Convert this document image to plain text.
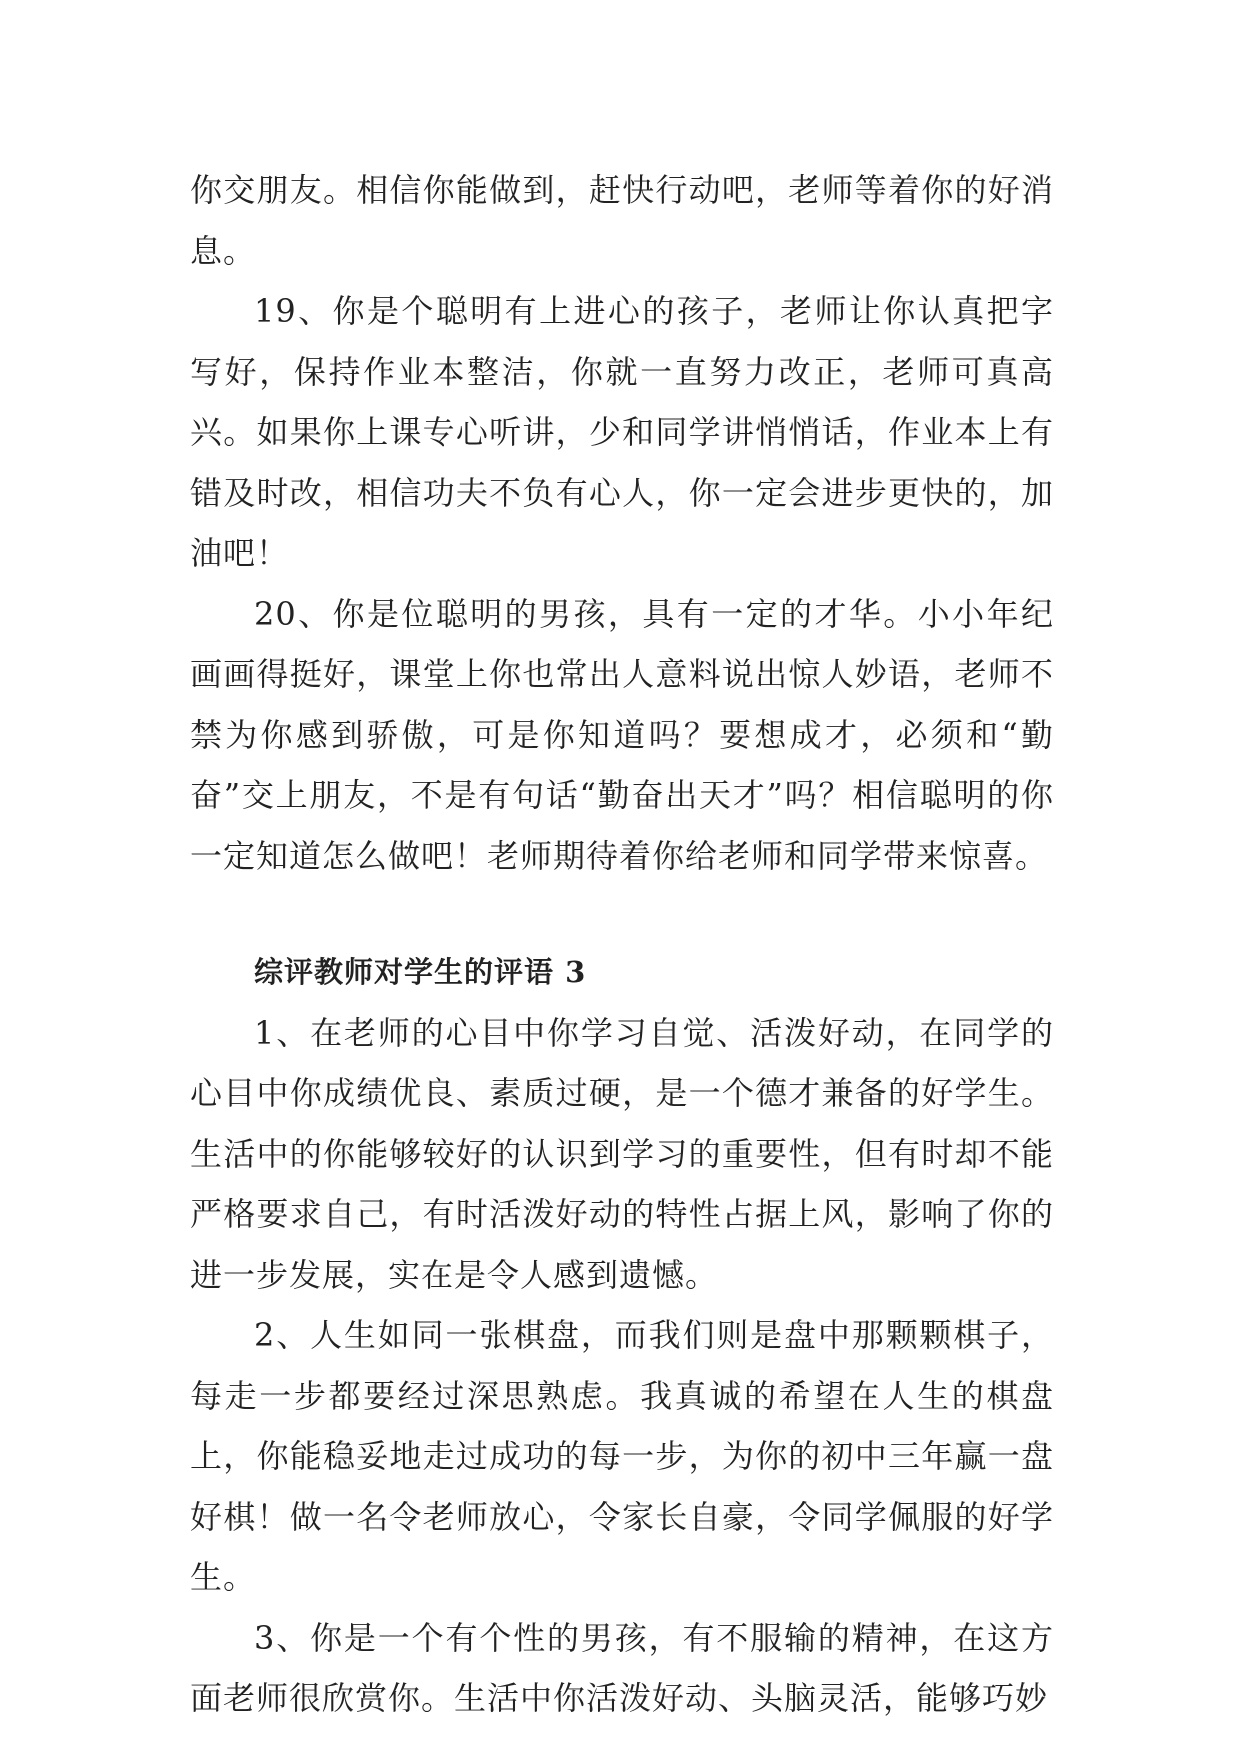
你交朋友。相信你能做到，赶快行动吧，老师等着你的好消息。

19、你是个聪明有上进心的孩子，老师让你认真把字写好，保持作业本整洁，你就一直努力改正，老师可真高兴。如果你上课专心听讲，少和同学讲悄悄话，作业本上有错及时改，相信功夫不负有心人，你一定会进步更快的，加油吧！

20、你是位聪明的男孩，具有一定的才华。小小年纪画画得挺好，课堂上你也常出人意料说出惊人妙语，老师不禁为你感到骄傲，可是你知道吗？要想成才，必须和“勤奋”交上朋友，不是有句话“勤奋出天才”吗？相信聪明的你一定知道怎么做吧！老师期待着你给老师和同学带来惊喜。

综评教师对学生的评语 3

1、在老师的心目中你学习自觉、活泼好动，在同学的心目中你成绩优良、素质过硬，是一个德才兼备的好学生。生活中的你能够较好的认识到学习的重要性，但有时却不能严格要求自己，有时活泼好动的特性占据上风，影响了你的进一步发展，实在是令人感到遗憾。

2、人生如同一张棋盘，而我们则是盘中那颗颗棋子，每走一步都要经过深思熟虑。我真诚的希望在人生的棋盘上，你能稳妥地走过成功的每一步，为你的初中三年赢一盘好棋！做一名令老师放心，令家长自豪，令同学佩服的好学生。

3、你是一个有个性的男孩，有不服输的精神，在这方面老师很欣赏你。生活中你活泼好动、头脑灵活，能够巧妙
